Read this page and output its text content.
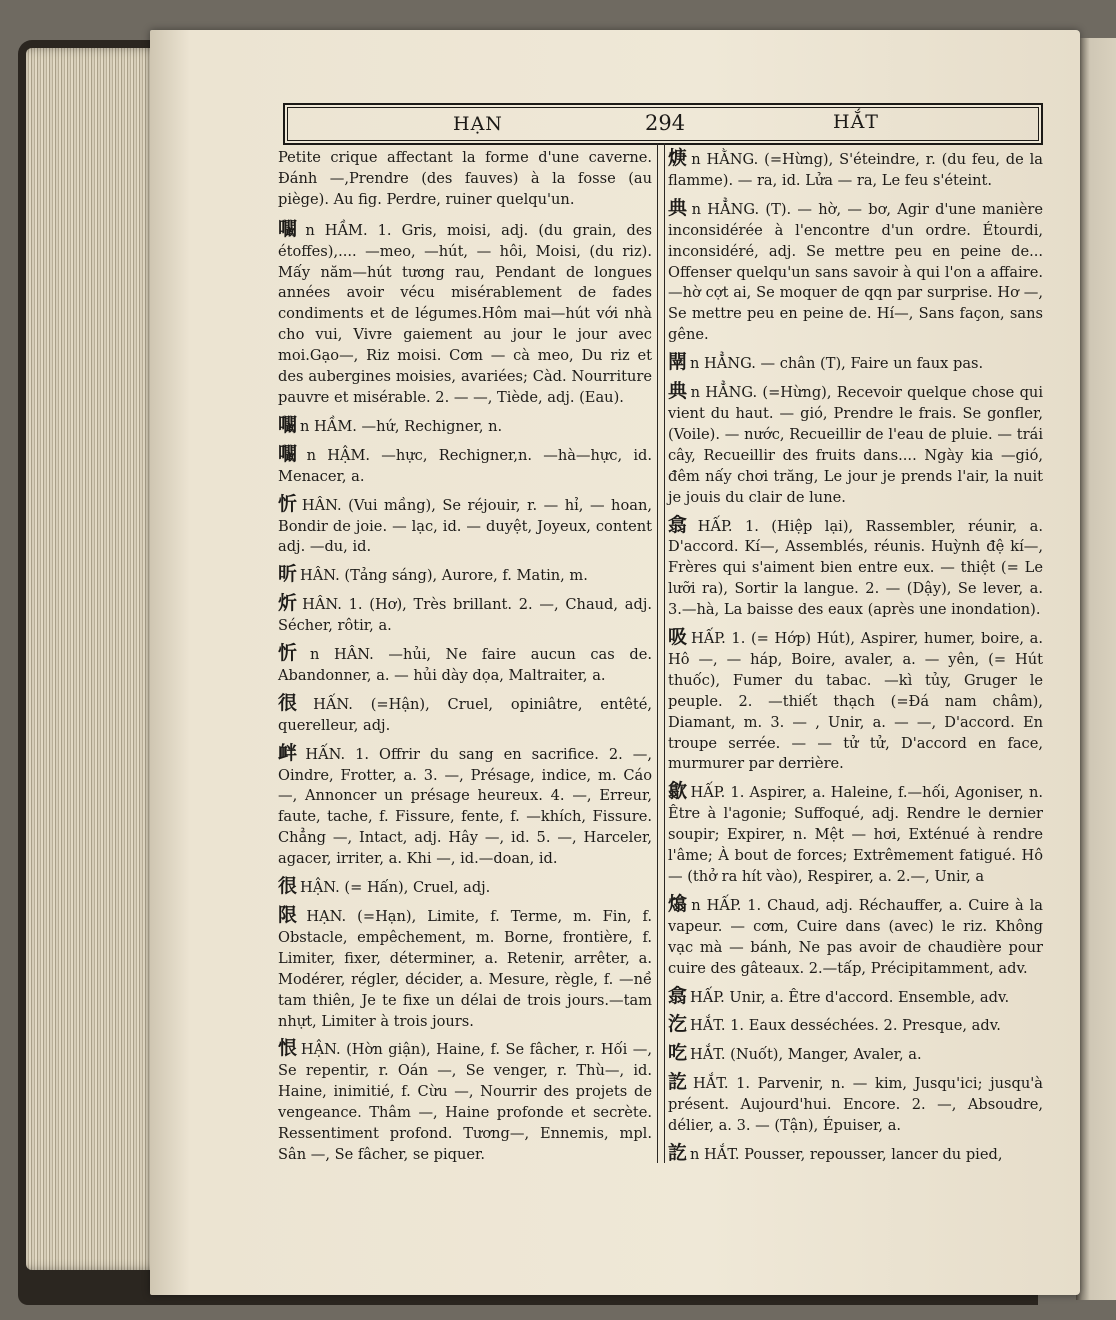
HẠN	294	HẮT
Petite crique affectant la forme d'une caverne. Đánh —,Prendre (des fauves) à la fosse (au piège). Au fig. Perdre, ruiner quelqu'un.
㘚 n HẦM. 1. Gris, moisi, adj. (du grain, des étoffes),.... —meo, —hút, — hôi, Moisi, (du riz). Mấy năm—hút tương rau, Pendant de longues années avoir vécu misérablement de fades condiments et de légumes.Hôm mai—hút với nhà cho vui, Vivre gaiement au jour le jour avec moi.Gạo—, Riz moisi. Cơm — cà meo, Du riz et des aubergines moisies, avariées; Càd. Nourriture pauvre et misérable. 2. — —, Tiède, adj. (Eau).
㘚 n HẦM. —hứ, Rechigner, n.
㘚 n HẬM. —hực, Rechigner,n. —hà—hực, id. Menacer, a.
忻 HÂN. (Vui mầng), Se réjouir, r. — hỉ, — hoan, Bondir de joie. — lạc, id. — duyệt, Joyeux, content adj. —du, id.
昕 HÂN. (Tảng sáng), Aurore, f. Matin, m.
炘 HÂN. 1. (Hơ), Très brillant. 2. —, Chaud, adj. Sécher, rôtir, a.
忻 n HÂN. —hủi, Ne faire aucun cas de. Abandonner, a. — hủi dày dọa, Maltraiter, a.
很 HẤN. (=Hận), Cruel, opiniâtre, entêté, querelleur, adj.
衅 HẤN. 1. Offrir du sang en sacrifice. 2. —, Oindre, Frotter, a. 3. —, Présage, indice, m. Cáo —, Annoncer un présage heureux. 4. —, Erreur, faute, tache, f. Fissure, fente, f. —khích, Fissure. Chẳng —, Intact, adj. Hây —, id. 5. —, Harceler, agacer, irriter, a. Khi —, id.—doan, id.
很 HẬN. (= Hấn), Cruel, adj.
限 HẠN. (=Hạn), Limite, f. Terme, m. Fin, f. Obstacle, empêchement, m. Borne, frontière, f. Limiter, fixer, déterminer, a. Retenir, arrêter, a. Modérer, régler, décider, a. Mesure, règle, f. —nề tam thiên, Je te fixe un délai de trois jours.—tam nhựt, Limiter à trois jours.
恨 HẬN. (Hờn giận), Haine, f. Se fâcher, r. Hối —, Se repentir, r. Oán —, Se venger, r. Thù—, id. Haine, inimitié, f. Cừu —, Nourrir des projets de vengeance. Thâm —, Haine profonde et secrète. Ressentiment profond. Tương—, Ennemis, mpl. Sân —, Se fâcher, se piquer.
焿 n HẰNG. (=Hừng), S'éteindre, r. (du feu, de la flamme). — ra, id. Lửa — ra, Le feu s'éteint.
典 n HẲNG. (T). — hờ, — bơ, Agir d'une manière inconsidérée à l'encontre d'un ordre. Étourdi, inconsidéré, adj. Se mettre peu en peine de... Offenser quelqu'un sans savoir à qui l'on a affaire.—hờ cợt ai, Se moquer de qqn par surprise. Hơ —, Se mettre peu en peine de. Hí—, Sans façon, sans gêne.
閛 n HẲNG. — chân (T), Faire un faux pas.
典 n HẲNG. (=Hừng), Recevoir quelque chose qui vient du haut. — gió, Prendre le frais. Se gonfler, (Voile). — nước, Recueillir de l'eau de pluie. — trái cây, Recueillir des fruits dans.... Ngày kia —gió, đêm nấy chơi trăng, Le jour je prends l'air, la nuit je jouis du clair de lune.
翕 HẤP. 1. (Hiệp lại), Rassembler, réunir, a. D'accord. Kí—, Assemblés, réunis. Huỳnh đệ kí—, Frères qui s'aiment bien entre eux. — thiệt (= Le lưỡi ra), Sortir la langue. 2. — (Dậy), Se lever, a. 3.—hà, La baisse des eaux (après une inondation).
吸 HẤP. 1. (= Hớp) Hút), Aspirer, humer, boire, a. Hô —, — háp, Boire, avaler, a. — yên, (= Hút thuốc), Fumer du tabac. —kì tủy, Gruger le peuple. 2. —thiết thạch (=Đá nam châm), Diamant, m. 3. — , Unir, a. — —, D'accord. En troupe serrée. — — tử tử, D'accord en face, murmurer par derrière.
歙 HẤP. 1. Aspirer, a. Haleine, f.—hối, Agoniser, n. Être à l'agonie; Suffoqué, adj. Rendre le dernier soupir; Expirer, n. Mệt — hơi, Exténué à rendre l'âme; À bout de forces; Extrêmement fatigué. Hô — (thở ra hít vào), Respirer, a. 2.—, Unir, a
熻 n HẤP. 1. Chaud, adj. Réchauffer, a. Cuire à la vapeur. — cơm, Cuire dans (avec) le riz. Không vạc mà — bánh, Ne pas avoir de chaudière pour cuire des gâteaux. 2.—tấp, Précipitamment, adv.
翕 HẤP. Unir, a. Être d'accord. Ensemble, adv.
汔 HẮT. 1. Eaux desséchées. 2. Presque, adv.
吃 HẮT. (Nuốt), Manger, Avaler, a.
訖 HẮT. 1. Parvenir, n. — kim, Jusqu'ici; jusqu'à présent. Aujourd'hui. Encore. 2. —, Absoudre, délier, a. 3. — (Tận), Épuiser, a.
訖 n HẮT. Pousser, repousser, lancer du pied,
